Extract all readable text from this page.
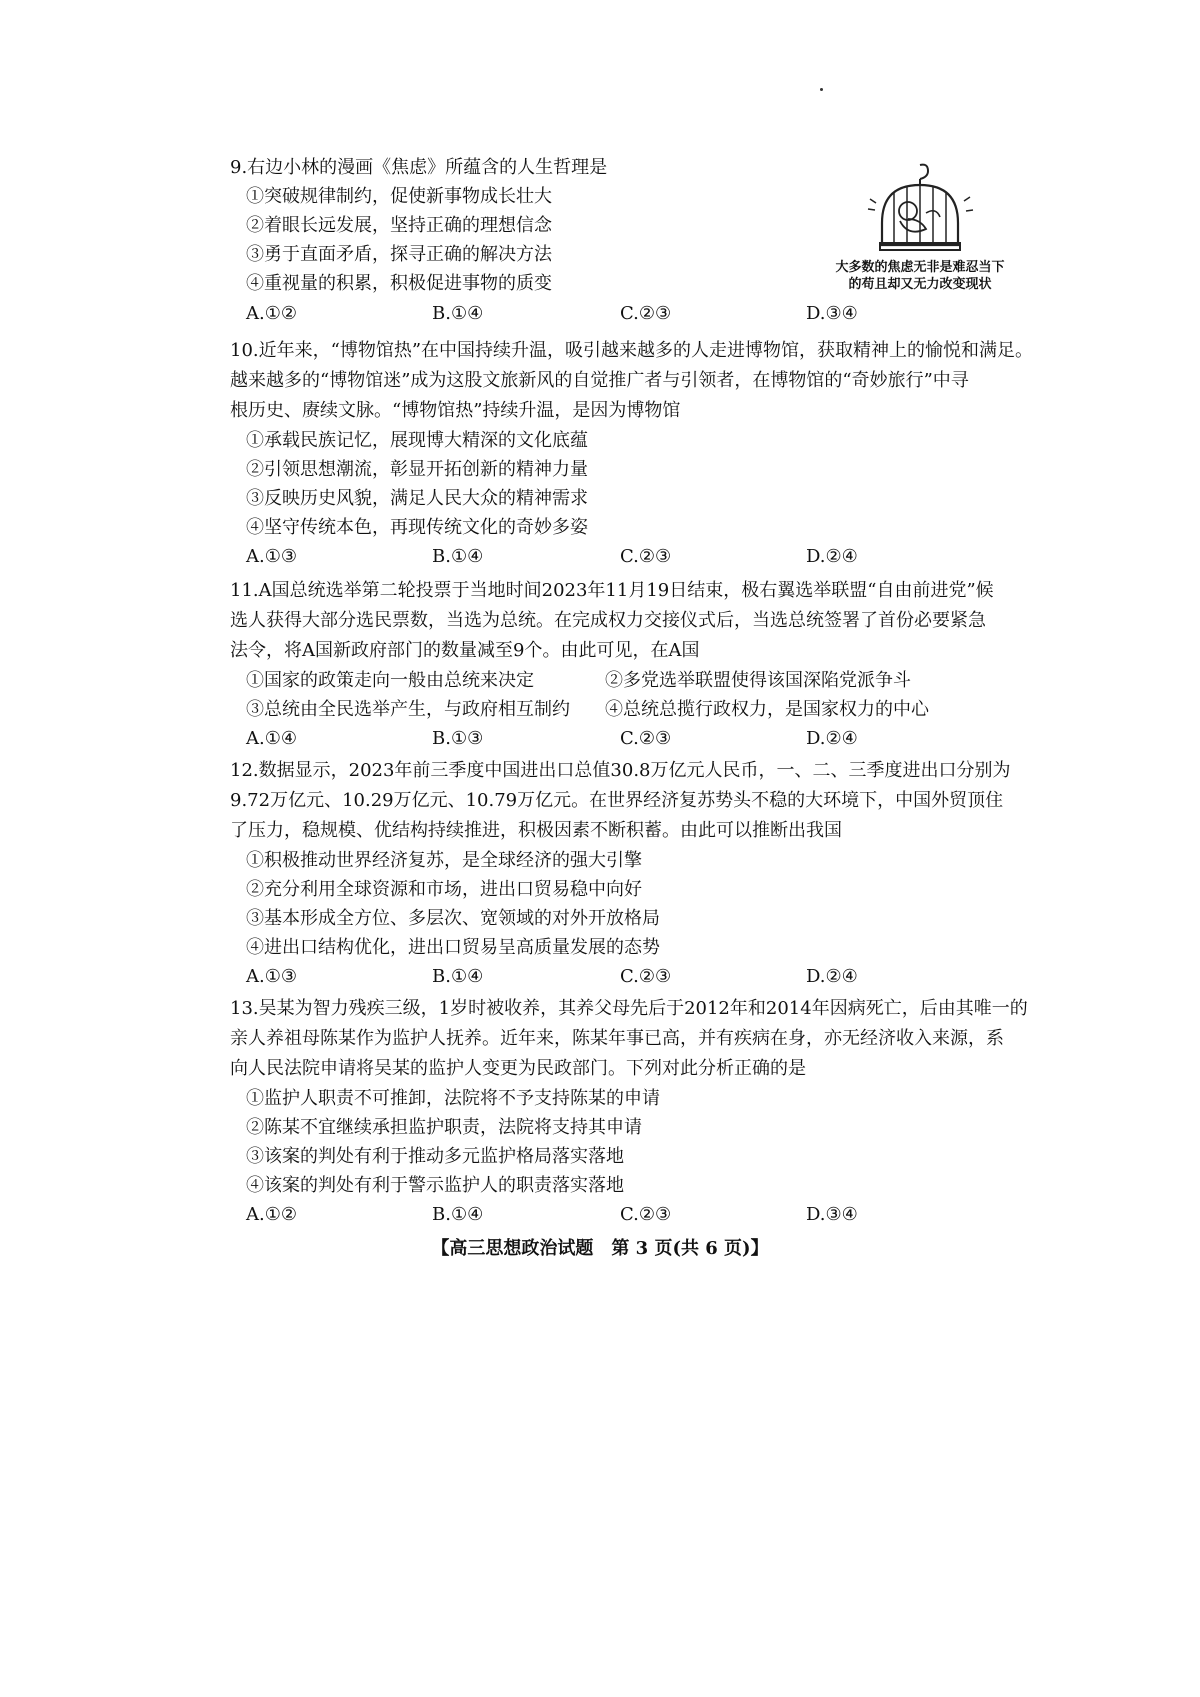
9.右边小林的漫画《焦虑》所蕴含的人生哲理是
①突破规律制约，促使新事物成长壮大
②着眼长远发展，坚持正确的理想信念
③勇于直面矛盾，探寻正确的解决方法
④重视量的积累，积极促进事物的质变
A.①②	B.①④	C.②③	D.③④
大多数的焦虑无非是难忍当下
的苟且却又无力改变现状
10.近年来，“博物馆热”在中国持续升温，吸引越来越多的人走进博物馆，获取精神上的愉悦和满足。
越来越多的“博物馆迷”成为这股文旅新风的自觉推广者与引领者，在博物馆的“奇妙旅行”中寻
根历史、赓续文脉。“博物馆热”持续升温，是因为博物馆
①承载民族记忆，展现博大精深的文化底蕴
②引领思想潮流，彰显开拓创新的精神力量
③反映历史风貌，满足人民大众的精神需求
④坚守传统本色，再现传统文化的奇妙多姿
A.①③	B.①④	C.②③	D.②④
11.A国总统选举第二轮投票于当地时间2023年11月19日结束，极右翼选举联盟“自由前进党”候
选人获得大部分选民票数，当选为总统。在完成权力交接仪式后，当选总统签署了首份必要紧急
法令，将A国新政府部门的数量减至9个。由此可见，在A国
①国家的政策走向一般由总统来决定	②多党选举联盟使得该国深陷党派争斗
③总统由全民选举产生，与政府相互制约 ④总统总揽行政权力，是国家权力的中心
A.①④	B.①③	C.②③	D.②④
12.数据显示，2023年前三季度中国进出口总值30.8万亿元人民币，一、二、三季度进出口分别为
9.72万亿元、10.29万亿元、10.79万亿元。在世界经济复苏势头不稳的大环境下，中国外贸顶住
了压力，稳规模、优结构持续推进，积极因素不断积蓄。由此可以推断出我国
①积极推动世界经济复苏，是全球经济的强大引擎
②充分利用全球资源和市场，进出口贸易稳中向好
③基本形成全方位、多层次、宽领域的对外开放格局
④进出口结构优化，进出口贸易呈高质量发展的态势
A.①③	B.①④	C.②③	D.②④
13.吴某为智力残疾三级，1岁时被收养，其养父母先后于2012年和2014年因病死亡，后由其唯一的
亲人养祖母陈某作为监护人抚养。近年来，陈某年事已高，并有疾病在身，亦无经济收入来源，系
向人民法院申请将吴某的监护人变更为民政部门。下列对此分析正确的是
①监护人职责不可推卸，法院将不予支持陈某的申请
②陈某不宜继续承担监护职责，法院将支持其申请
③该案的判处有利于推动多元监护格局落实落地
④该案的判处有利于警示监护人的职责落实落地
A.①②	B.①④	C.②③	D.③④
【高三思想政治试题　第 3 页(共 6 页)】
